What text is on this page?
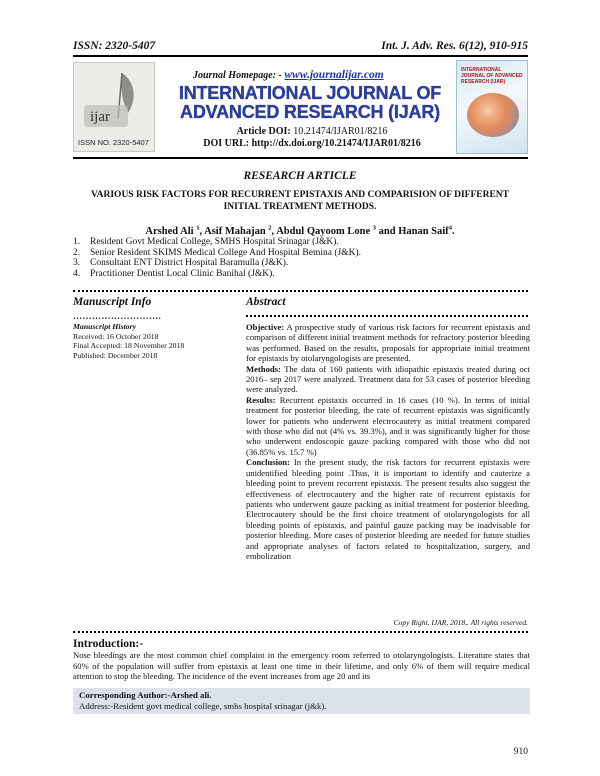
ISSN: 2320-5407	Int. J. Adv. Res. 6(12), 910-915
ijar
ISSN NO. 2320-5407
Journal Homepage: - www.journalijar.com
INTERNATIONAL JOURNAL OF
ADVANCED RESEARCH (IJAR)
Article DOI: 10.21474/IJAR01/8216
DOI URL: http://dx.doi.org/10.21474/IJAR01/8216
INTERNATIONAL JOURNAL OF ADVANCED RESEARCH (IJAR)
RESEARCH ARTICLE
VARIOUS RISK FACTORS FOR RECURRENT EPISTAXIS AND COMPARISION OF DIFFERENT
INITIAL TREATMENT METHODS.
Arshed Ali $^1$, Asif Mahajan $^2$, Abdul Qayoom Lone $^3$ and Hanan Saif$^4$.
1.	Resident Govt Medical College, SMHS Hospital Srinagar (J&K).
2.	Senior Resident SKIMS Medical College And Hospital Bemina (J&K).
3.	Consultant ENT District Hospital Baramulla (J&K).
4.	Practitioner Dentist Local Clinic Banihal (J&K).
Manuscript Info
……………………….
Manuscript History
Received: 16 October 2018
Final Accepted: 18 November 2018
Published: December 2018
Abstract

Objective: A prospective study of various risk factors for recurrent epistaxis and comparison of different initial treatment methods for refractory posterior bleeding was performed. Based on the results, proposals for appropriate initial treatment for epistaxis by otolaryngologists are presented.

Methods: The data of 160 patients with idiopathic epistaxis treated during oct 2016– sep 2017 were analyzed. Treatment data for 53 cases of posterior bleeding were analyzed.

Results: Recurrent epistaxis occurred in 16 cases (10 %). In terms of initial treatment for posterior bleeding, the rate of recurrent epistaxis was significantly lower for patients who underwent electrocautery as initial treatment compared with those who did not (4% vs. 39.3%), and it was significantly higher for those who underwent endoscopic gauze packing compared with those who did not (36.85% vs. 15.7 %)

Conclusion: In the present study, the risk factors for recurrent epistaxis were unidentified bleeding point .Thus, it is important to identify and cauterize a bleeding point to prevent recurrent epistaxis. The present results also suggest the effectiveness of electrocautery and the higher rate of recurrent epistaxis for patients who underwent gauze packing as initial treatment for posterior bleeding. Electrocautery should be the first choice treatment of otolaryngologists for all bleeding points of epistaxis, and painful gauze packing may be inadvisable for posterior bleeding. More cases of posterior bleeding are needed for future studies and appropriate analyses of factors related to hospitalization, surgery, and embolization

Copy Right, IJAR, 2018,. All rights reserved.
Introduction:-
Nose bleedings are the most common chief complaint in the emergency room referred to otolaryngologists. Literature states that 60% of the population will suffer from epistaxis at least one time in their lifetime, and only 6% of them will require medical attention to stop the bleeding. The incidence of the event increases from age 20 and its
Corresponding Author:-Arshed ali.
Address:-Resident govt medical college, smhs hospital srinagar (j&k).
910
